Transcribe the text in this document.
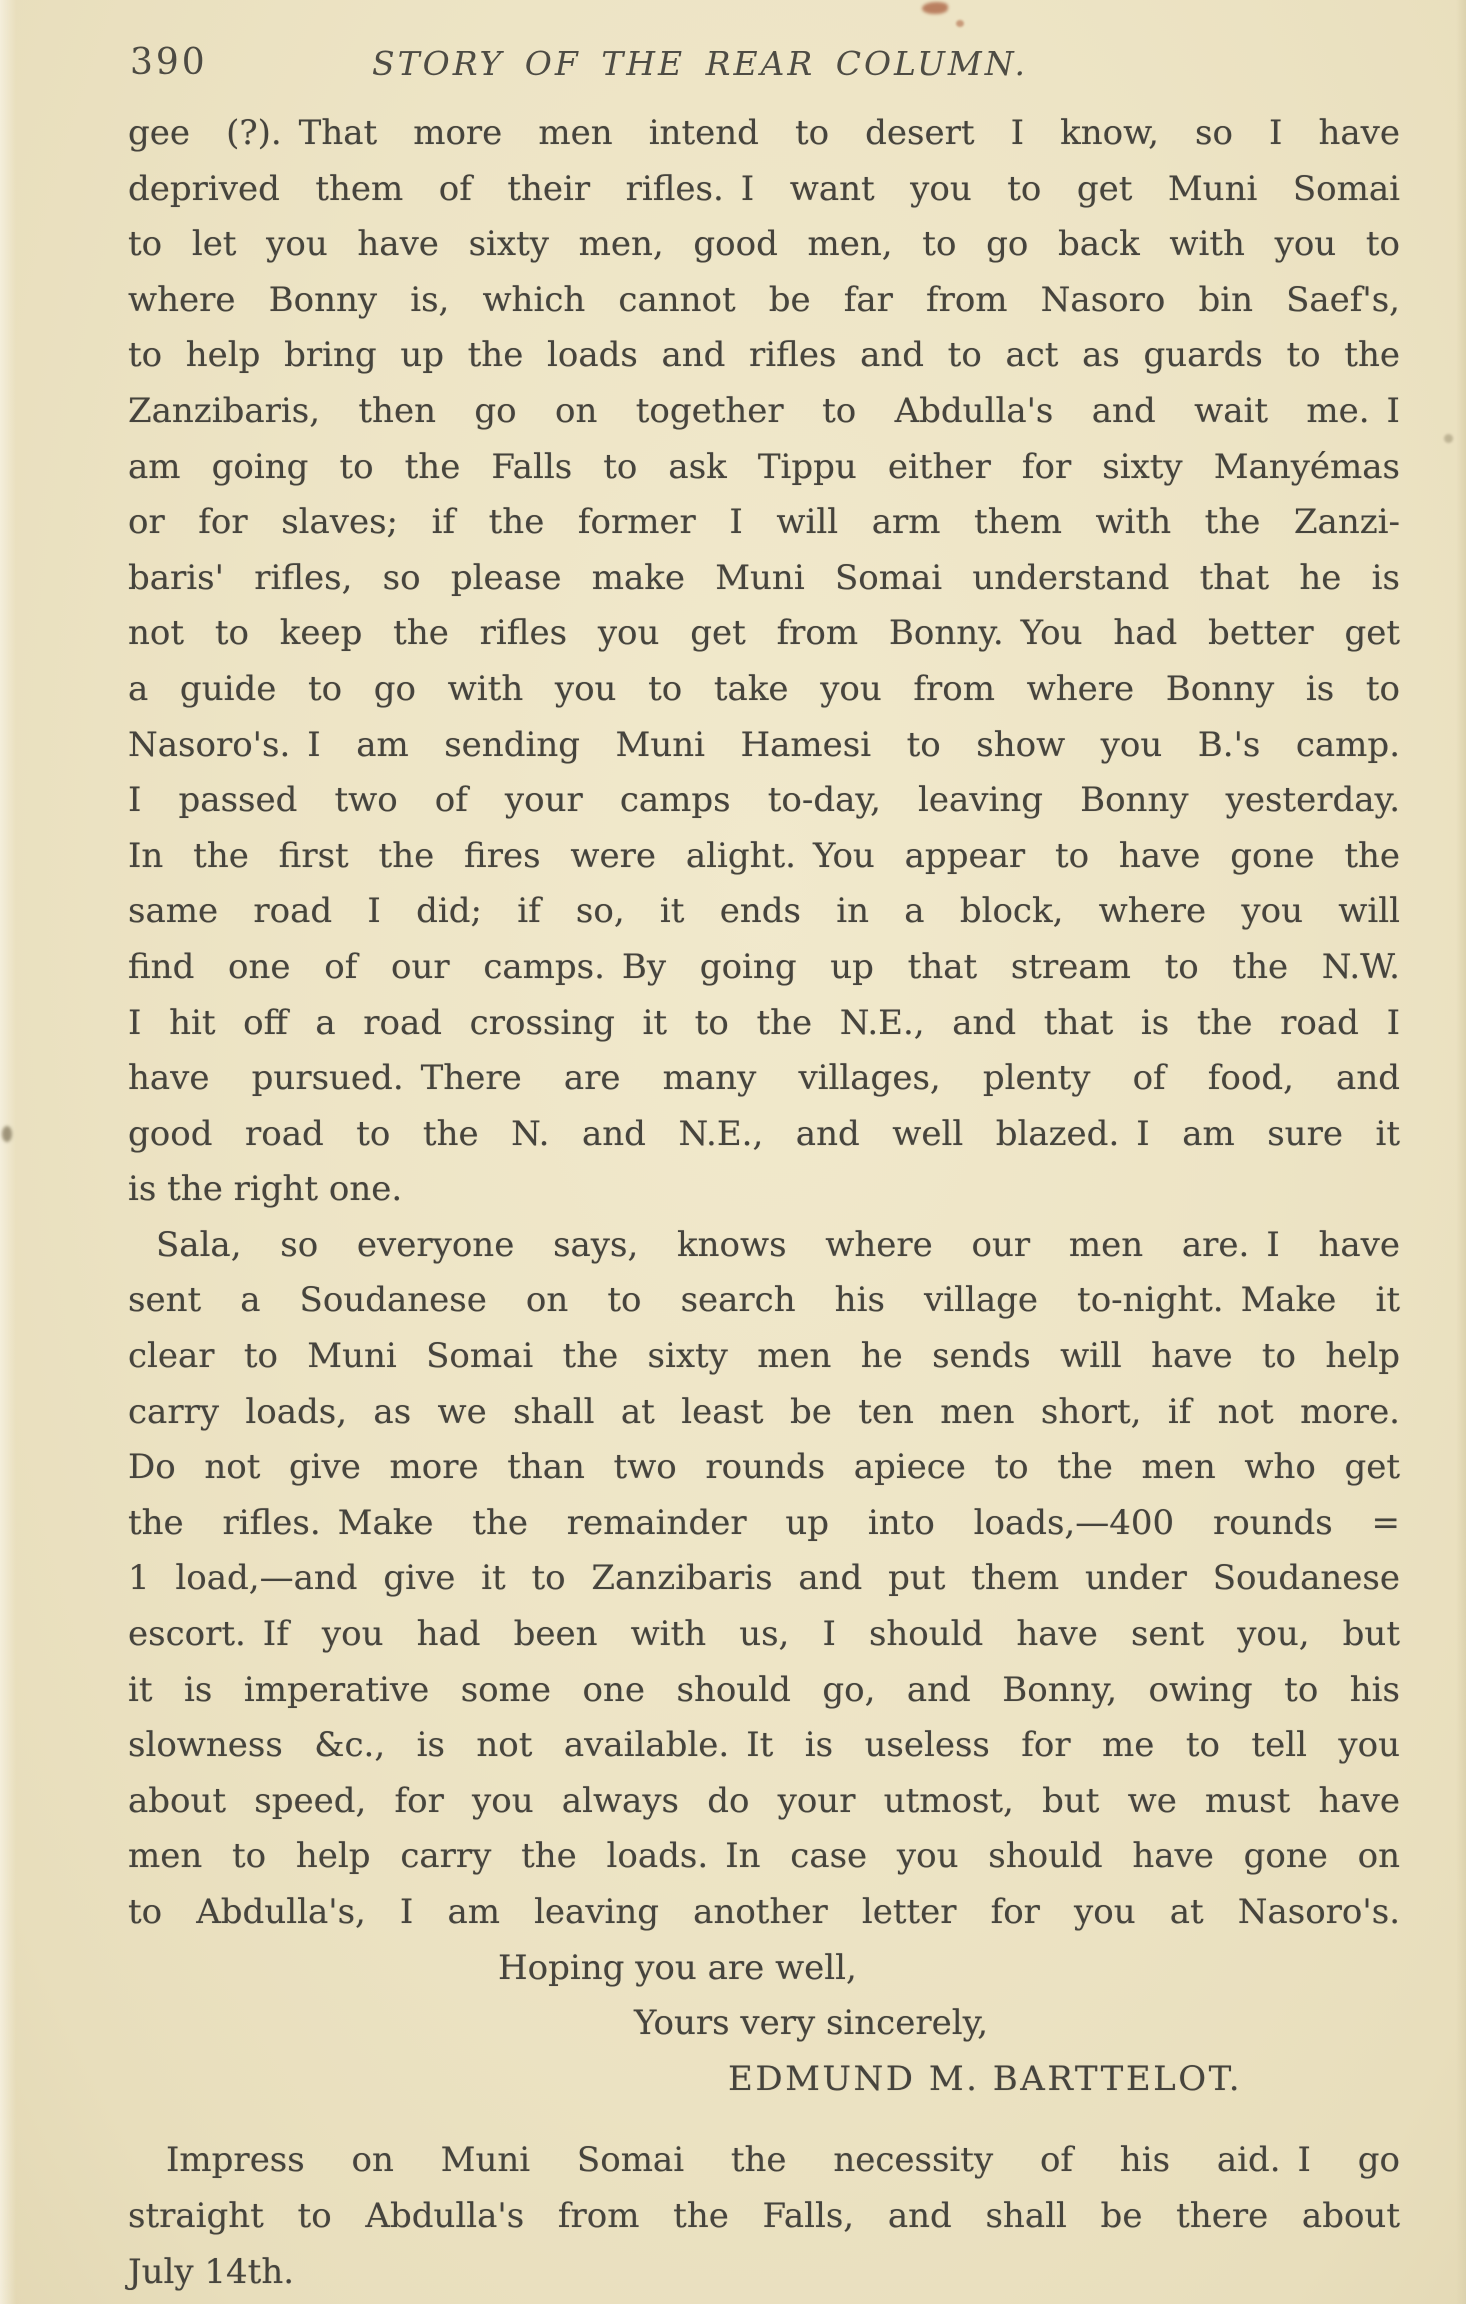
390	STORY OF THE REAR COLUMN.
gee (?). That more men intend to desert I know, so I have
deprived them of their rifles. I want you to get Muni Somai
to let you have sixty men, good men, to go back with you to
where Bonny is, which cannot be far from Nasoro bin Saef's,
to help bring up the loads and rifles and to act as guards to the
Zanzibaris, then go on together to Abdulla's and wait me. I
am going to the Falls to ask Tippu either for sixty Manyémas
or for slaves; if the former I will arm them with the Zanzi-
baris' rifles, so please make Muni Somai understand that he is
not to keep the rifles you get from Bonny. You had better get
a guide to go with you to take you from where Bonny is to
Nasoro's. I am sending Muni Hamesi to show you B.'s camp.
I passed two of your camps to-day, leaving Bonny yesterday.
In the first the fires were alight. You appear to have gone the
same road I did; if so, it ends in a block, where you will
find one of our camps. By going up that stream to the N.W.
I hit off a road crossing it to the N.E., and that is the road I
have pursued. There are many villages, plenty of food, and
good road to the N. and N.E., and well blazed. I am sure it
is the right one.
Sala, so everyone says, knows where our men are. I have
sent a Soudanese on to search his village to-night. Make it
clear to Muni Somai the sixty men he sends will have to help
carry loads, as we shall at least be ten men short, if not more.
Do not give more than two rounds apiece to the men who get
the rifles. Make the remainder up into loads,—400 rounds =
1 load,—and give it to Zanzibaris and put them under Soudanese
escort. If you had been with us, I should have sent you, but
it is imperative some one should go, and Bonny, owing to his
slowness &c., is not available. It is useless for me to tell you
about speed, for you always do your utmost, but we must have
men to help carry the loads. In case you should have gone on
to Abdulla's, I am leaving another letter for you at Nasoro's.
Hoping you are well,
Yours very sincerely,
EDMUND M. BARTTELOT.
Impress on Muni Somai the necessity of his aid. I go
straight to Abdulla's from the Falls, and shall be there about
July 14th.
